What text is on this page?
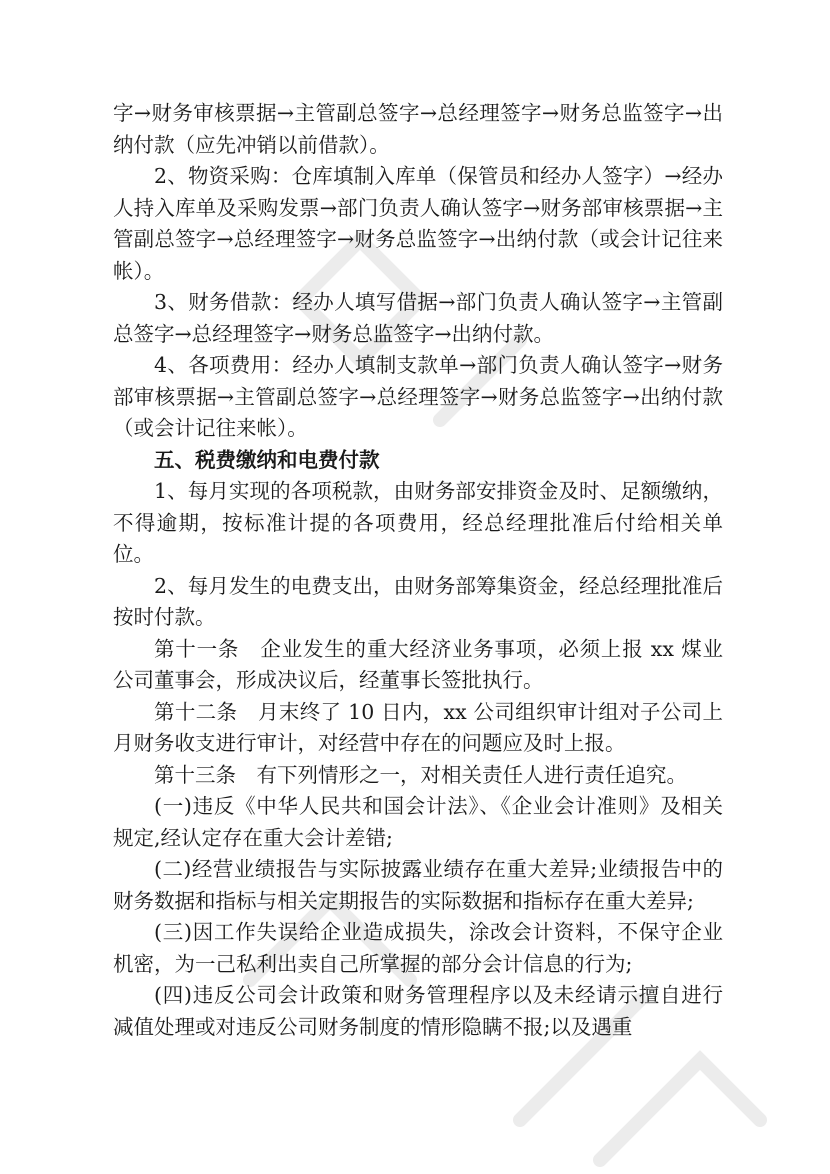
字→财务审核票据→主管副总签字→总经理签字→财务总监签字→出纳付款（应先冲销以前借款）。

2、物资采购：仓库填制入库单（保管员和经办人签字）→经办人持入库单及采购发票→部门负责人确认签字→财务部审核票据→主管副总签字→总经理签字→财务总监签字→出纳付款（或会计记往来帐）。

3、财务借款：经办人填写借据→部门负责人确认签字→主管副总签字→总经理签字→财务总监签字→出纳付款。

4、各项费用：经办人填制支款单→部门负责人确认签字→财务部审核票据→主管副总签字→总经理签字→财务总监签字→出纳付款（或会计记往来帐）。

五、税费缴纳和电费付款

1、每月实现的各项税款，由财务部安排资金及时、足额缴纳，不得逾期，按标准计提的各项费用，经总经理批准后付给相关单位。

2、每月发生的电费支出，由财务部筹集资金，经总经理批准后按时付款。

第十一条　企业发生的重大经济业务事项，必须上报 xx 煤业公司董事会，形成决议后，经董事长签批执行。

第十二条　月末终了 10 日内，xx 公司组织审计组对子公司上月财务收支进行审计，对经营中存在的问题应及时上报。

第十三条　有下列情形之一，对相关责任人进行责任追究。

(一)违反《中华人民共和国会计法》、《企业会计准则》及相关规定,经认定存在重大会计差错;

(二)经营业绩报告与实际披露业绩存在重大差异;业绩报告中的财务数据和指标与相关定期报告的实际数据和指标存在重大差异;

(三)因工作失误给企业造成损失，涂改会计资料，不保守企业机密，为一己私利出卖自己所掌握的部分会计信息的行为;

(四)违反公司会计政策和财务管理程序以及未经请示擅自进行减值处理或对违反公司财务制度的情形隐瞒不报;以及遇重
